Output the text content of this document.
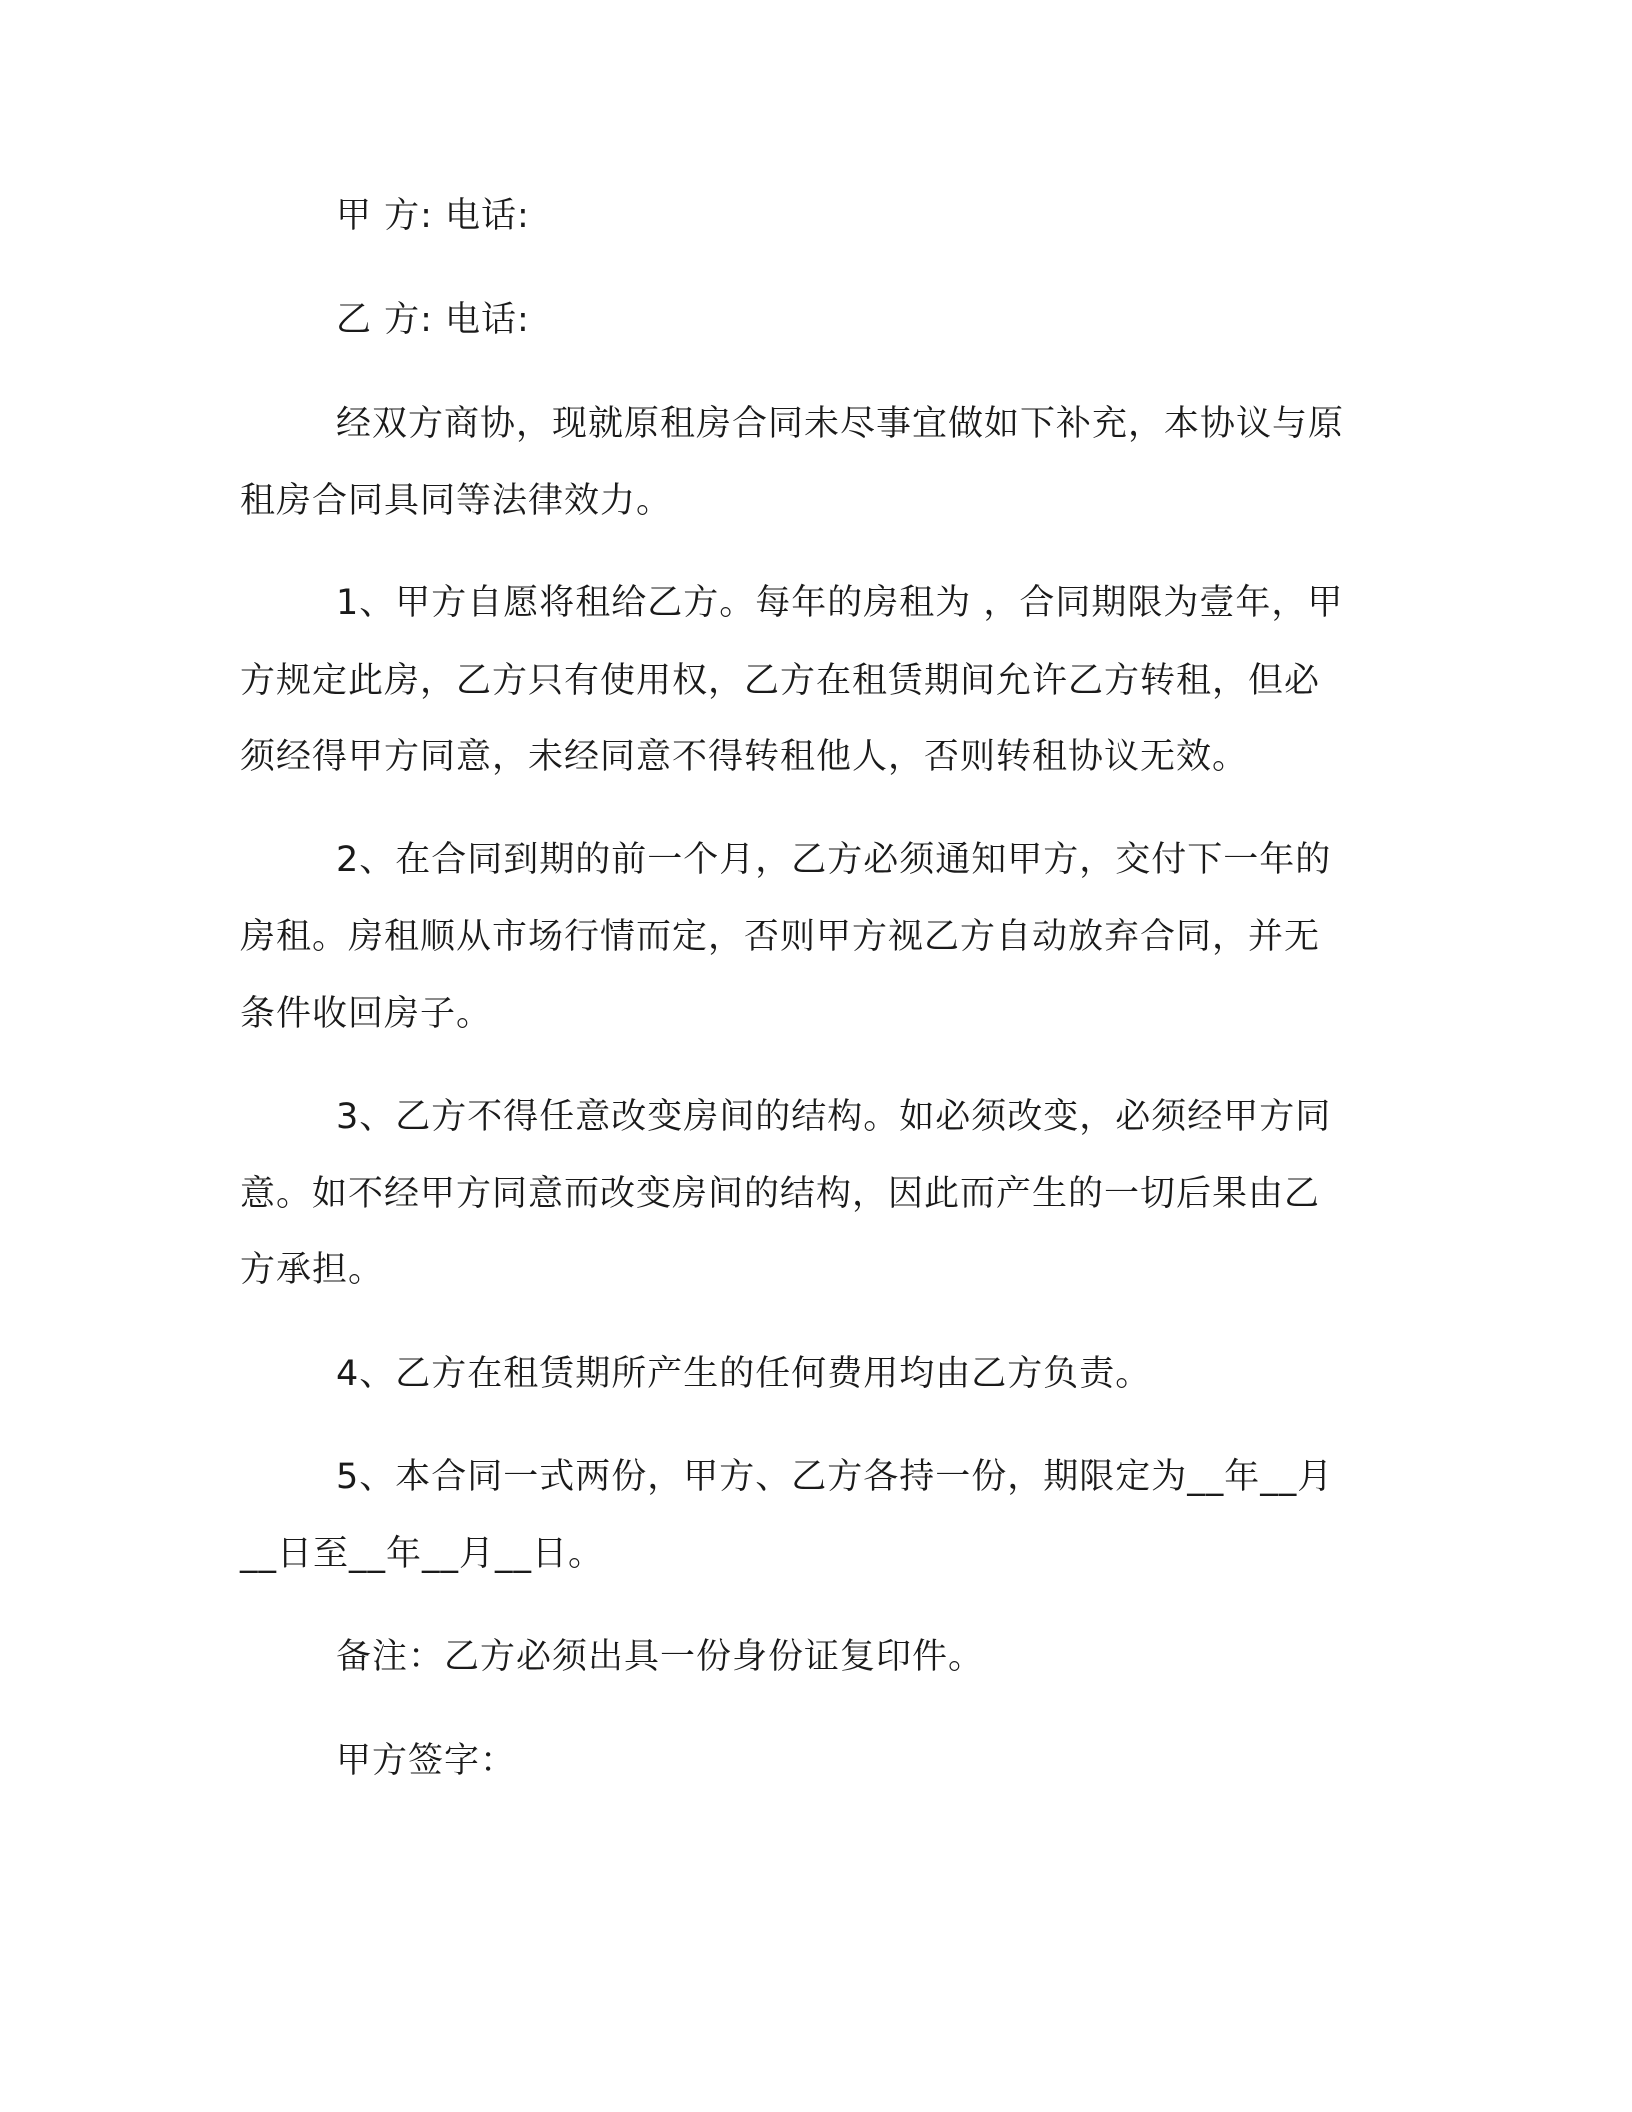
甲 方: 电话:
乙 方: 电话:
经双方商协，现就原租房合同未尽事宜做如下补充，本协议与原
租房合同具同等法律效力。
1、甲方自愿将租给乙方。每年的房租为 ，合同期限为壹年，甲
方规定此房，乙方只有使用权，乙方在租赁期间允许乙方转租，但必
须经得甲方同意，未经同意不得转租他人，否则转租协议无效。
2、在合同到期的前一个月，乙方必须通知甲方，交付下一年的
房租。房租顺从市场行情而定，否则甲方视乙方自动放弃合同，并无
条件收回房子。
3、乙方不得任意改变房间的结构。如必须改变，必须经甲方同
意。如不经甲方同意而改变房间的结构，因此而产生的一切后果由乙
方承担。
4、乙方在租赁期所产生的任何费用均由乙方负责。
5、本合同一式两份，甲方、乙方各持一份，期限定为__年__月
__日至__年__月__日。
备注：乙方必须出具一份身份证复印件。
甲方签字：
